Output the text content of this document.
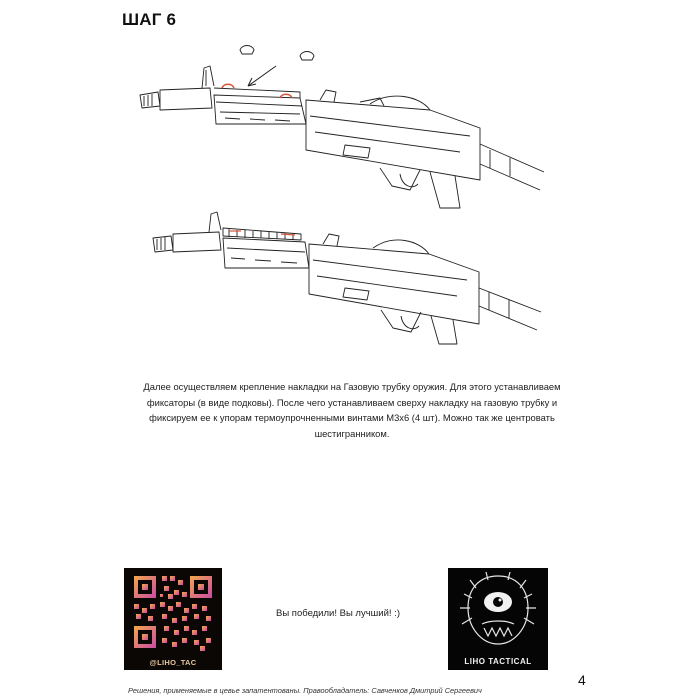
ШАГ 6
Далее осуществляем крепление накладки на Газовую трубку оружия. Для этого устанавливаем фиксаторы (в виде подковы). После чего устанавливаем сверху накладку на газовую трубку и фиксируем ее к упорам термоупрочненными винтами М3х6 (4 шт). Можно так же центровать шестигранником.
@LIHO_TAC
Вы победили! Вы лучший! :)
LIHO TACTICAL
4
Решения, применяемые в цевье запатентованы. Правообладатель: Савченков Дмитрий Сергеевич
